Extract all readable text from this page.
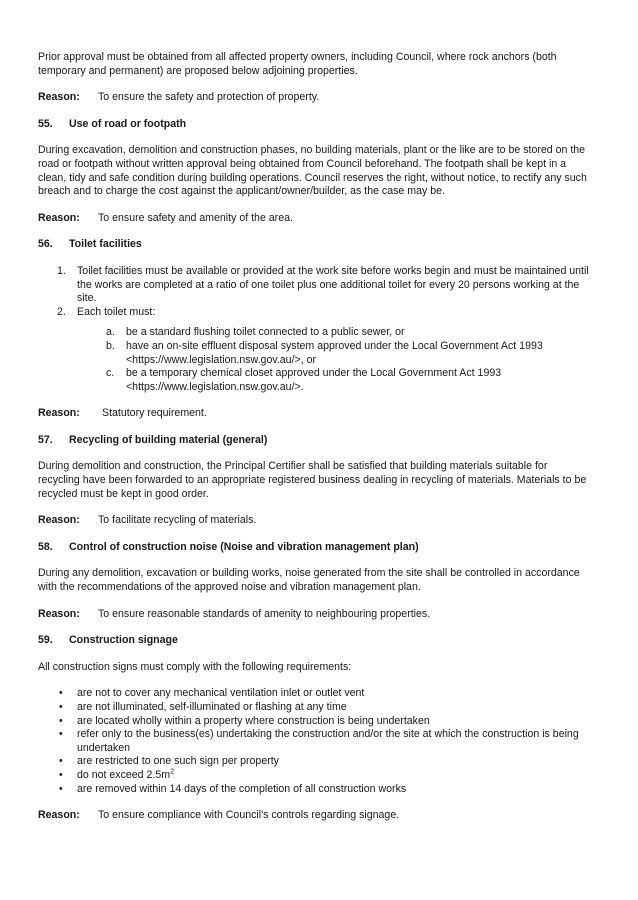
Prior approval must be obtained from all affected property owners, including Council, where rock anchors (both temporary and permanent) are proposed below adjoining properties.

Reason: To ensure the safety and protection of property.

55. Use of road or footpath

During excavation, demolition and construction phases, no building materials, plant or the like are to be stored on the road or footpath without written approval being obtained from Council beforehand. The footpath shall be kept in a clean, tidy and safe condition during building operations. Council reserves the right, without notice, to rectify any such breach and to charge the cost against the applicant/owner/builder, as the case may be.

Reason: To ensure safety and amenity of the area.

56. Toilet facilities

1. Toilet facilities must be available or provided at the work site before works begin and must be maintained until the works are completed at a ratio of one toilet plus one additional toilet for every 20 persons working at the site.
2. Each toilet must:
a. be a standard flushing toilet connected to a public sewer, or
b. have an on-site effluent disposal system approved under the Local Government Act 1993 <https://www.legislation.nsw.gov.au/>, or
c. be a temporary chemical closet approved under the Local Government Act 1993 <https://www.legislation.nsw.gov.au/>.

Reason: Statutory requirement.

57. Recycling of building material (general)

During demolition and construction, the Principal Certifier shall be satisfied that building materials suitable for recycling have been forwarded to an appropriate registered business dealing in recycling of materials. Materials to be recycled must be kept in good order.

Reason: To facilitate recycling of materials.

58. Control of construction noise (Noise and vibration management plan)

During any demolition, excavation or building works, noise generated from the site shall be controlled in accordance with the recommendations of the approved noise and vibration management plan.

Reason: To ensure reasonable standards of amenity to neighbouring properties.

59. Construction signage

All construction signs must comply with the following requirements:

• are not to cover any mechanical ventilation inlet or outlet vent
• are not illuminated, self-illuminated or flashing at any time
• are located wholly within a property where construction is being undertaken
• refer only to the business(es) undertaking the construction and/or the site at which the construction is being undertaken
• are restricted to one such sign per property
• do not exceed $2.5m^2$
• are removed within 14 days of the completion of all construction works

Reason: To ensure compliance with Council's controls regarding signage.
